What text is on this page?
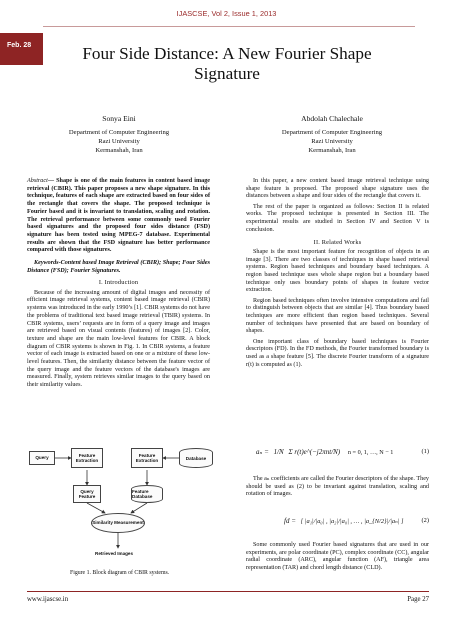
IJASCSE, Vol 2, Issue 1, 2013
Feb. 28	Four Side Distance: A New Fourier Shape Signature
Sonya Eini
Department of Computer Engineering
Razi University
Kermanshah, Iran
Abdolah Chalechale
Department of Computer Engineering
Razi University
Kermanshah, Iran

Abstract— Shape is one of the main features in content based image retrieval (CBIR). This paper proposes a new shape signature. In this technique, features of each shape are extracted based on four sides of the rectangle that covers the shape. The proposed technique is Fourier based and it is invariant to translation, scaling and rotation. The retrieval performance between some commonly used Fourier based signatures and the proposed four sides distance (FSD) signature has been tested using MPEG-7 database. Experimental results are shown that the FSD signature has better performance compared with those signatures.

Keywords-Content based Image Retrieval (CBIR); Shape; Four Sides Distance (FSD); Fourier Signatures.

I. Introduction

Because of the increasing amount of digital images and necessity of efficient image retrieval systems, content based image retrieval (CBIR) systems was introduced in the early 1990’s [1]. CBIR systems do not have the problems of traditional text based image retrieval (TBIR) systems. In CBIR systems, users’ requests are in form of a query image and images are retrieved based on visual contents (features) of images [2]. Color, texture and shape are the main low-level features for CBIR. A block diagram of CBIR systems is shown in Fig. 1. In CBIR systems, a feature vector of each image is extracted based on one or a mixture of these low-level features. Then, the similarity distance between the feature vector of the query image and the feature vectors of the database's images are measured. Finally, system retrieves similar images to the query based on their similarity values.

Query
Feature Extraction
Feature Extraction	Database
Query Feature
Feature Database
Similarity Measurement
Retrieved Images
Figure 1. Block diagram of CBIR systems.

In this paper, a new content based image retrieval technique using shape feature is proposed. The proposed shape signature uses the distances between a shape and four sides of the rectangle that covers it.

The rest of the paper is organized as follows: Section II is related works. The proposed technique is presented in Section III. The experimental results are studied in Section IV and Section V is conclusion.

II. Related Works

Shape is the most important feature for recognition of objects in an image [3]. There are two classes of techniques in shape based retrieval systems. Region based techniques and boundary based techniques. A region based technique uses whole shape region but a boundary based technique only uses boundary points of shapes in feature vector extraction.

Region based techniques often involve intensive computations and fail to distinguish between objects that are similar [4]. Thus boundary based techniques are more efficient than region based techniques. Several number of techniques have presented that are based on boundary of shapes.

One important class of boundary based techniques is Fourier descriptors (FD). In the FD methods, the Fourier transformed boundary is used as a shape feature [5]. The discrete Fourier transform of a signature r(t) is computed as (1).

aₙ = 1/N Σ r(t)e^(−j2πnt/N) n = 0, 1, …, N − 1	(1)

The aₙ coefficients are called the Fourier descriptors of the shape. They should be used as (2) to be invariant against translation, scaling and rotation of images.

fd = [ |a₁|/|a₀| , |a₂|/|a₀| , … , |a_{N/2}|/|aₙ| ]	(2)

Some commonly used Fourier based signatures that are used in our experiments, are polar coordinate (PC), complex coordinate (CC), angular radial coordinate (ARC), angular function (AF), triangle area representation (TAR) and chord length distance (CLD).

www.ijascse.in	Page 27
